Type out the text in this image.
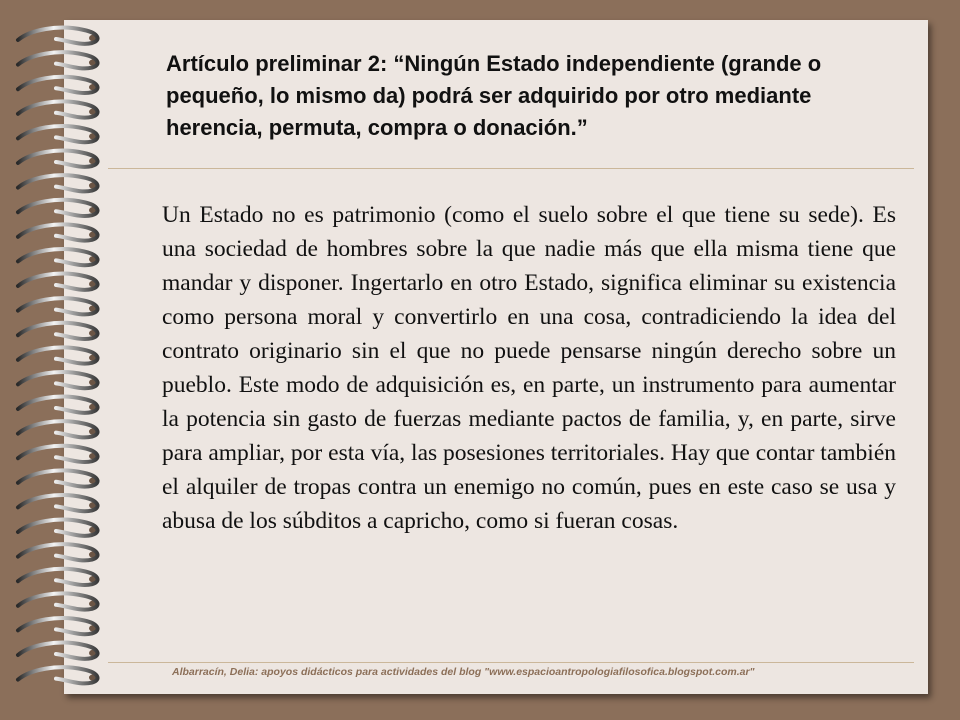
Artículo preliminar 2: “Ningún Estado independiente (grande o pequeño, lo mismo da) podrá ser adquirido por otro mediante herencia, permuta, compra o donación.”

Un Estado no es patrimonio (como el suelo sobre el que tiene su sede). Es una sociedad de hombres sobre la que nadie más que ella misma tiene que mandar y disponer. Ingertarlo en otro Estado, significa eliminar su existencia como persona moral y convertirlo en una cosa, contradiciendo la idea del contrato originario sin el que no puede pensarse ningún derecho sobre un pueblo. Este modo de adquisición es, en parte, un instrumento para aumentar la potencia sin gasto de fuerzas mediante pactos de familia, y, en parte, sirve para ampliar, por esta vía, las posesiones territoriales. Hay que contar también el alquiler de tropas contra un enemigo no común, pues en este caso se usa y abusa de los súbditos a capricho, como si fueran cosas.

Albarracín, Delia: apoyos didácticos para actividades del blog "www.espacioantropologiafilosofica.blogspot.com.ar"
